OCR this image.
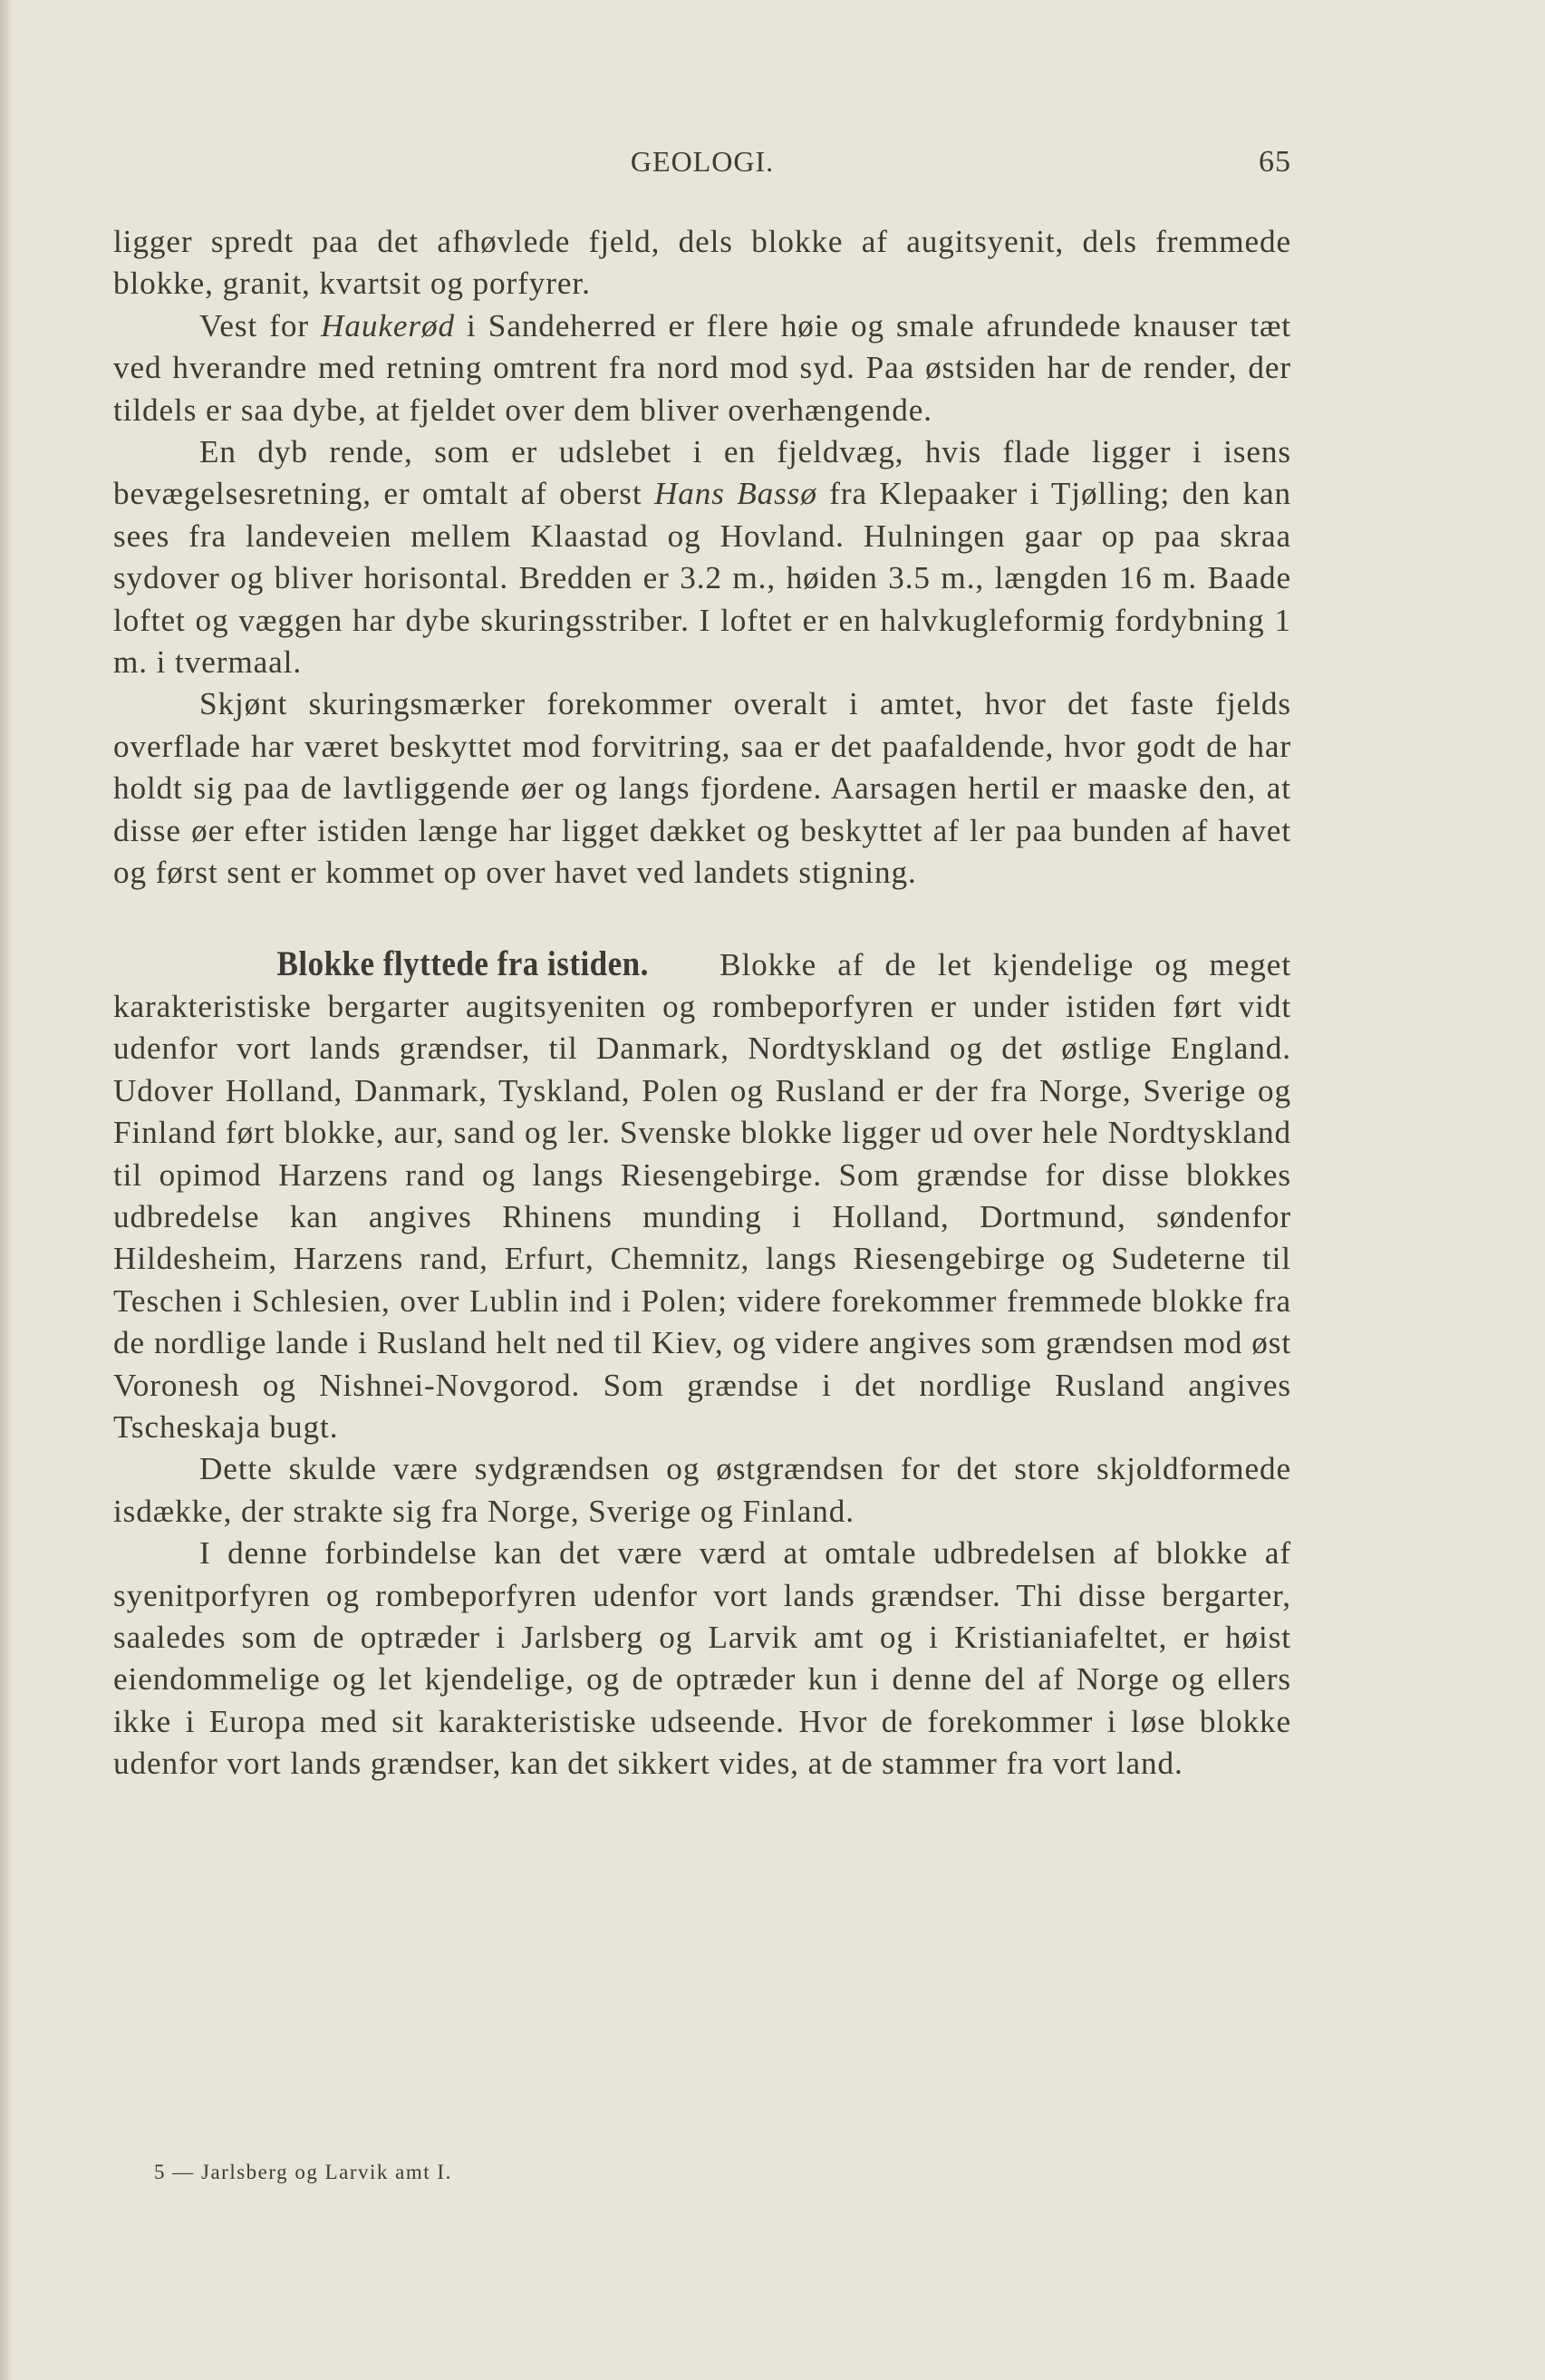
GEOLOGI.	65

ligger spredt paa det afhøvlede fjeld, dels blokke af augitsyenit, dels fremmede blokke, granit, kvartsit og porfyrer.

Vest for Haukerød i Sandeherred er flere høie og smale afrundede knauser tæt ved hverandre med retning omtrent fra nord mod syd. Paa østsiden har de render, der tildels er saa dybe, at fjeldet over dem bliver overhængende.

En dyb rende, som er udslebet i en fjeldvæg, hvis flade ligger i isens bevægelsesretning, er omtalt af oberst Hans Bassø fra Klepaaker i Tjølling; den kan sees fra landeveien mellem Klaastad og Hovland. Hulningen gaar op paa skraa sydover og bliver horisontal. Bredden er 3.2 m., høiden 3.5 m., længden 16 m. Baade loftet og væggen har dybe skuringsstriber. I loftet er en halvkugleformig fordybning 1 m. i tvermaal.

Skjønt skuringsmærker forekommer overalt i amtet, hvor det faste fjelds overflade har været beskyttet mod forvitring, saa er det paafaldende, hvor godt de har holdt sig paa de lavtliggende øer og langs fjordene. Aarsagen hertil er maaske den, at disse øer efter istiden længe har ligget dækket og beskyttet af ler paa bunden af havet og først sent er kommet op over havet ved landets stigning.

Blokke flyttede fra istiden. Blokke af de let kjendelige og meget karakteristiske bergarter augitsyeniten og rombeporfyren er under istiden ført vidt udenfor vort lands grændser, til Danmark, Nordtyskland og det østlige England. Udover Holland, Danmark, Tyskland, Polen og Rusland er der fra Norge, Sverige og Finland ført blokke, aur, sand og ler. Svenske blokke ligger ud over hele Nordtyskland til opimod Harzens rand og langs Riesengebirge. Som grændse for disse blokkes udbredelse kan angives Rhinens munding i Holland, Dortmund, søndenfor Hildesheim, Harzens rand, Erfurt, Chemnitz, langs Riesengebirge og Sudeterne til Teschen i Schlesien, over Lublin ind i Polen; videre forekommer fremmede blokke fra de nordlige lande i Rusland helt ned til Kiev, og videre angives som grændsen mod øst Voronesh og Nishnei-Novgorod. Som grændse i det nordlige Rusland angives Tscheskaja bugt.

Dette skulde være sydgrændsen og østgrændsen for det store skjoldformede isdække, der strakte sig fra Norge, Sverige og Finland.

I denne forbindelse kan det være værd at omtale udbredelsen af blokke af syenitporfyren og rombeporfyren udenfor vort lands grændser. Thi disse bergarter, saaledes som de optræder i Jarlsberg og Larvik amt og i Kristianiafeltet, er høist eiendommelige og let kjendelige, og de optræder kun i denne del af Norge og ellers ikke i Europa med sit karakteristiske udseende. Hvor de forekommer i løse blokke udenfor vort lands grændser, kan det sikkert vides, at de stammer fra vort land.

5 — Jarlsberg og Larvik amt I.
